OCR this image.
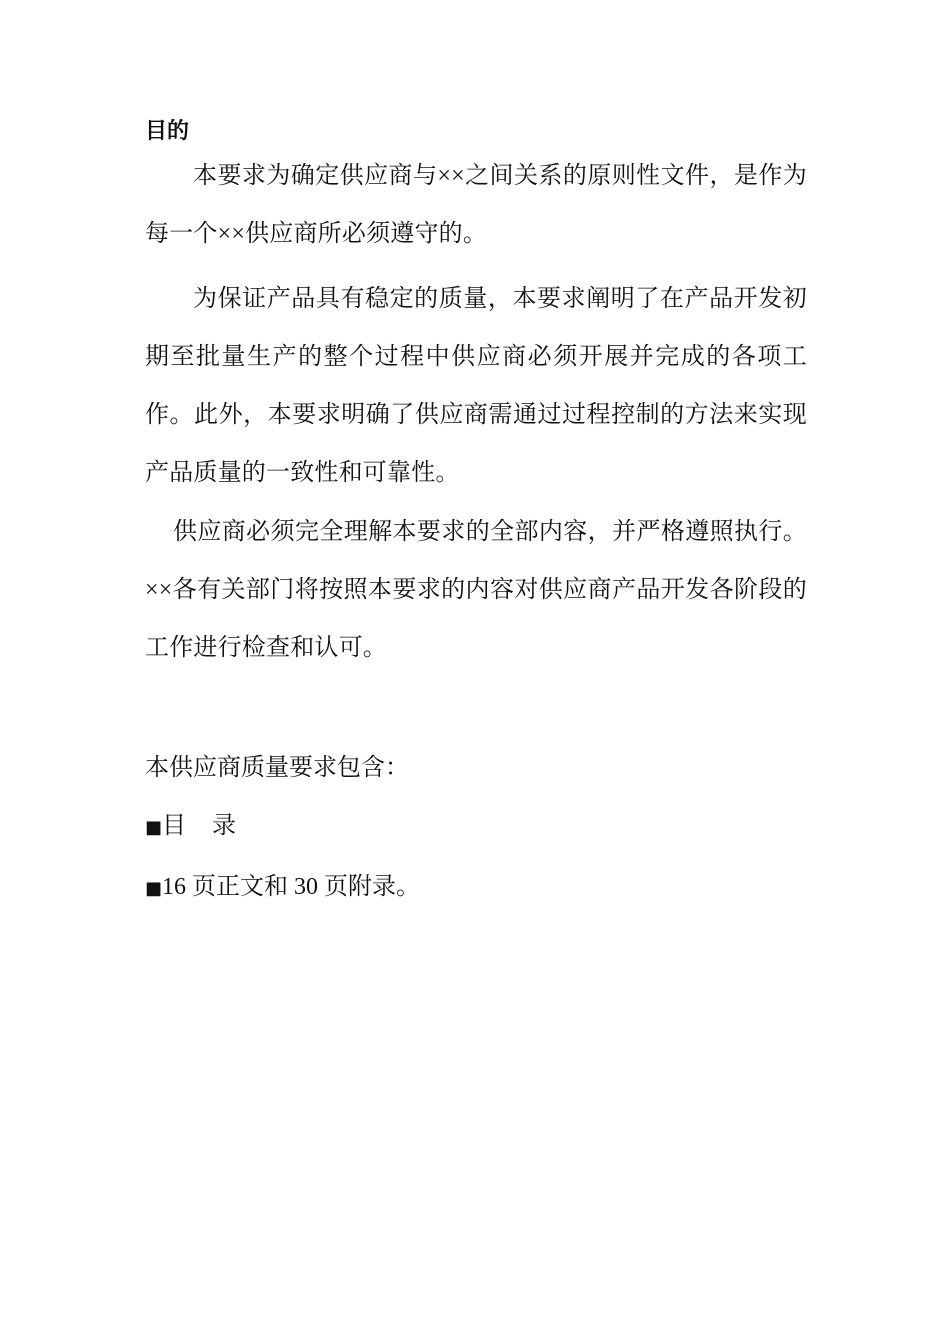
目的

本要求为确定供应商与××之间关系的原则性文件，是作为每一个××供应商所必须遵守的。

为保证产品具有稳定的质量，本要求阐明了在产品开发初期至批量生产的整个过程中供应商必须开展并完成的各项工作。此外，本要求明确了供应商需通过过程控制的方法来实现产品质量的一致性和可靠性。

供应商必须完全理解本要求的全部内容，并严格遵照执行。××各有关部门将按照本要求的内容对供应商产品开发各阶段的工作进行检查和认可。

本供应商质量要求包含：

■目 录

■16 页正文和 30 页附录。
